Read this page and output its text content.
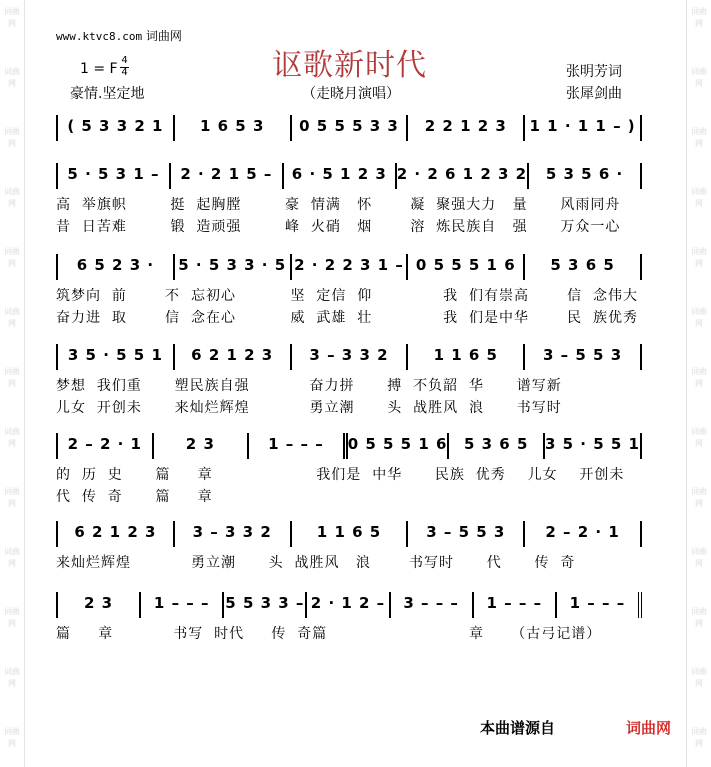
词曲网
词曲网
词曲网
词曲网
词曲网
词曲网
词曲网
词曲网
词曲网
词曲网
词曲网
词曲网
词曲网
词曲网
词曲网
词曲网
词曲网
词曲网
词曲网
词曲网
词曲网
词曲网
词曲网
词曲网
词曲网
词曲网
www.ktvc8.com 词曲网
讴歌新时代
1 = F
4
4
豪情.坚定地	（走晓月演唱）
张明芳词
张犀剑曲
( 5 3 3 2 1	1 6 5 3	0 5 5 5 3 3	2 2 1 2 3	1 1 · 1 1 – )
5 · 5 3 1 –	2 · 2 1 5 –	6 · 5 1 2 3 2 · 2 6 1 2 3 2	5 3 5 6 ·
高  举旗帜        挺  起胸膛        豪  情满   怀       凝  聚强大力   量      风雨同舟
昔  日苦难        锻  造顽强        峰  火硝   烟       溶  炼民族自   强      万众一心
6 5 2 3 ·	5 · 5 3 3 · 5 2 · 2 2 3 1 – 0 5 5 5 1 6	5 3 6 5
筑梦向  前       不  忘初心          坚  定信  仰             我  们有崇高       信  念伟大
奋力进  取       信  念在心          威  武雄  壮             我  们是中华       民  族优秀
3 5 · 5 5 1	6 2 1 2 3	3 – 3 3 2	1 1 6 5	3 – 5 5 3
梦想  我们重      塑民族自强           奋力拼      搏  不负韶  华      谱写新
儿女  开创未      来灿烂辉煌           勇立潮      头  战胜风  浪      书写时
2 – 2 · 1	2 3	1 – – –	0 5 5 5 1 6	5 3 6 5	3 5 · 5 5 1
的  历  史      篇     章                   我们是  中华      民族  优秀    儿女    开创未
代  传  奇      篇     章
6 2 1 2 3	3 – 3 3 2	1 1 6 5	3 – 5 5 3	2 – 2 · 1
来灿烂辉煌           勇立潮      头  战胜风   浪       书写时      代      传  奇
2 3	1 – – –	5 5 3 3 – 2 · 1 2 –	3 – – –	1 – – –	1 – – –
篇     章           书写  时代     传  奇篇                          章     （古弓记谱）
本曲谱源自	词曲网
